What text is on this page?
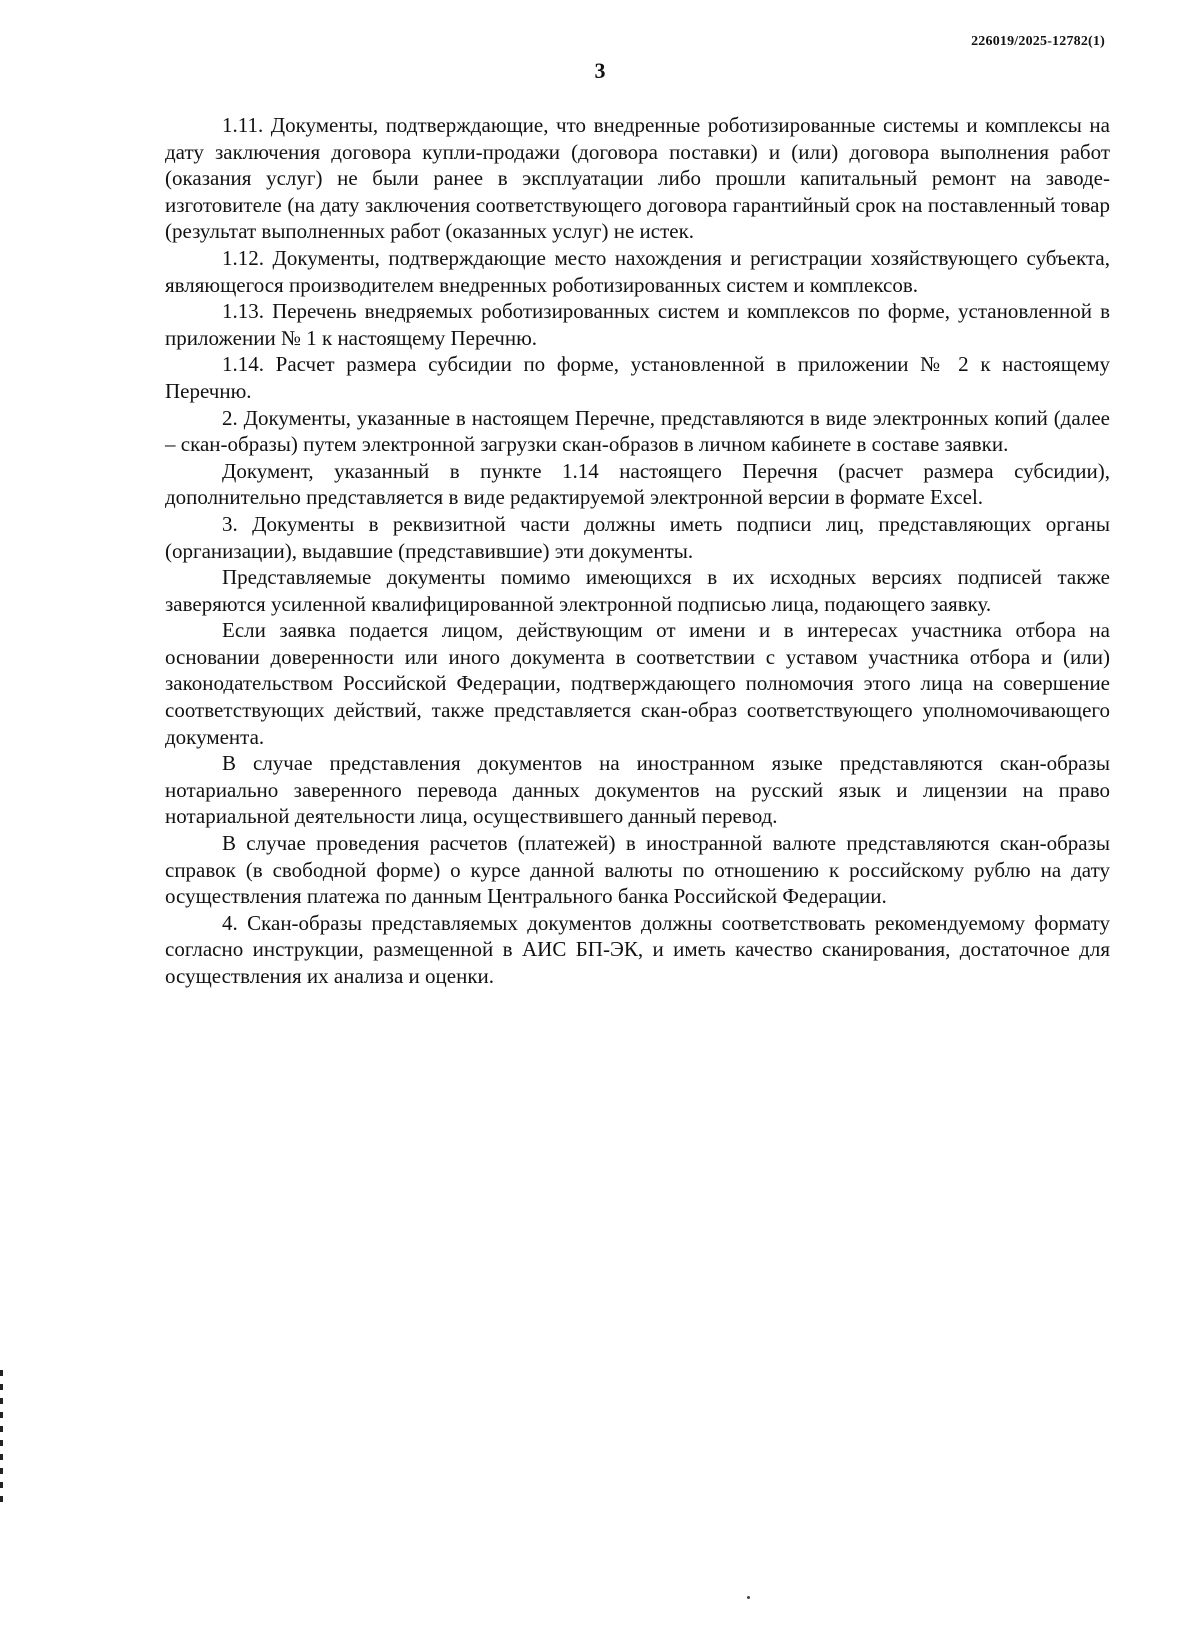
226019/2025-12782(1)
3

1.11. Документы, подтверждающие, что внедренные роботизированные системы и комплексы на дату заключения договора купли-продажи (договора поставки) и (или) договора выполнения работ (оказания услуг) не были ранее в эксплуатации либо прошли капитальный ремонт на заводе-изготовителе (на дату заключения соответствующего договора гарантийный срок на поставленный товар (результат выполненных работ (оказанных услуг) не истек.

1.12. Документы, подтверждающие место нахождения и регистрации хозяйствующего субъекта, являющегося производителем внедренных роботизированных систем и комплексов.

1.13. Перечень внедряемых роботизированных систем и комплексов по форме, установленной в приложении № 1 к настоящему Перечню.

1.14. Расчет размера субсидии по форме, установленной в приложении № 2 к настоящему Перечню.

2. Документы, указанные в настоящем Перечне, представляются в виде электронных копий (далее – скан-образы) путем электронной загрузки скан-образов в личном кабинете в составе заявки.

Документ, указанный в пункте 1.14 настоящего Перечня (расчет размера субсидии), дополнительно представляется в виде редактируемой электронной версии в формате Excel.

3. Документы в реквизитной части должны иметь подписи лиц, представляющих органы (организации), выдавшие (представившие) эти документы.

Представляемые документы помимо имеющихся в их исходных версиях подписей также заверяются усиленной квалифицированной электронной подписью лица, подающего заявку.

Если заявка подается лицом, действующим от имени и в интересах участника отбора на основании доверенности или иного документа в соответствии с уставом участника отбора и (или) законодательством Российской Федерации, подтверждающего полномочия этого лица на совершение соответствующих действий, также представляется скан-образ соответствующего уполномочивающего документа.

В случае представления документов на иностранном языке представляются скан-образы нотариально заверенного перевода данных документов на русский язык и лицензии на право нотариальной деятельности лица, осуществившего данный перевод.

В случае проведения расчетов (платежей) в иностранной валюте представляются скан-образы справок (в свободной форме) о курсе данной валюты по отношению к российскому рублю на дату осуществления платежа по данным Центрального банка Российской Федерации.

4. Скан-образы представляемых документов должны соответствовать рекомендуемому формату согласно инструкции, размещенной в АИС БП-ЭК, и иметь качество сканирования, достаточное для осуществления их анализа и оценки.
